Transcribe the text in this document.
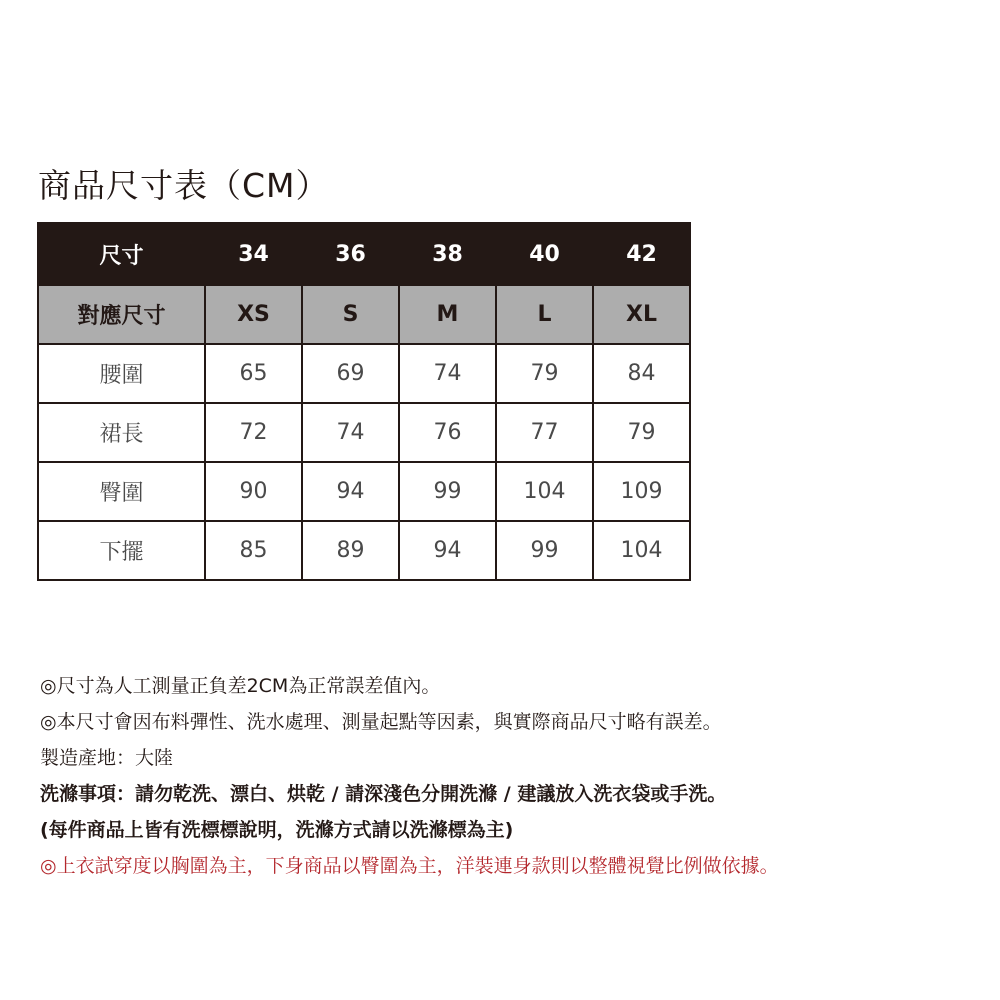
商品尺寸表（CM）
尺寸	34	36	38	40	42
對應尺寸	XS	S	M	L	XL
腰圍	65	69	74	79	84
裙長	72	74	76	77	79
臀圍	90	94	99	104	109
下擺	85	89	94	99	104
◎尺寸為人工測量正負差2CM為正常誤差值內。
◎本尺寸會因布料彈性、洗水處理、測量起點等因素，與實際商品尺寸略有誤差。
製造產地：大陸
洗滌事項：請勿乾洗、漂白、烘乾 / 請深淺色分開洗滌 / 建議放入洗衣袋或手洗。
(每件商品上皆有洗標標說明，洗滌方式請以洗滌標為主)
◎上衣試穿度以胸圍為主，下身商品以臀圍為主，洋裝連身款則以整體視覺比例做依據。
